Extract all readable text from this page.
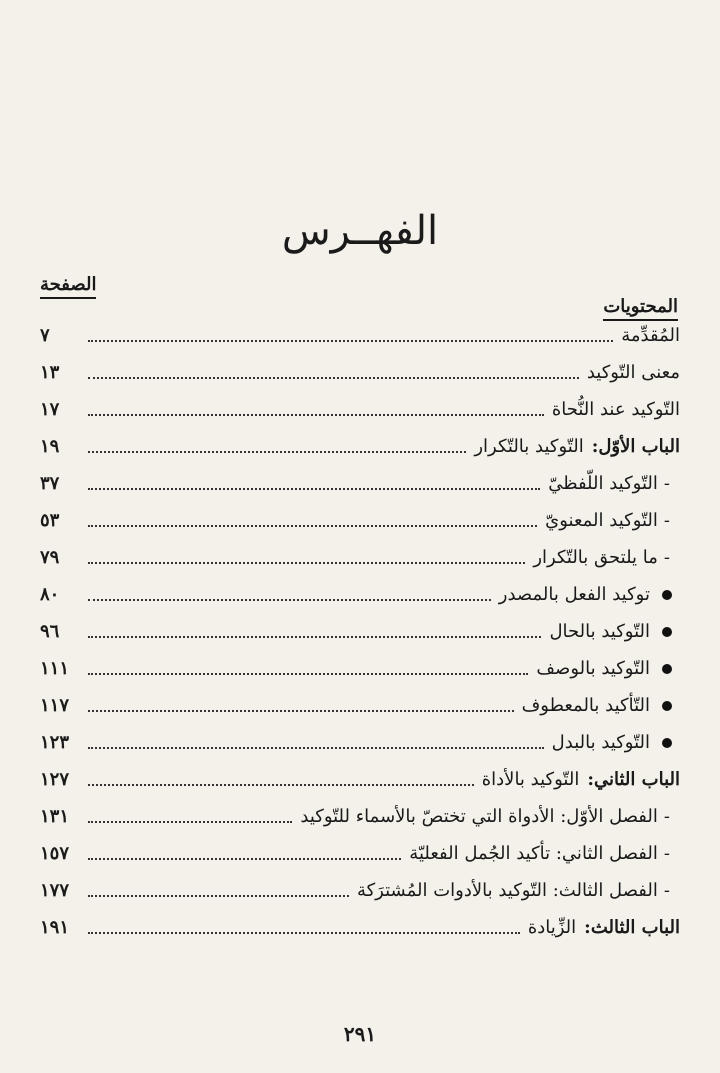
الفهــرس
الصفحة
المحتويات
المُقدِّمة
٧
معنى التّوكيد
١٣
التّوكيد عند النُّحاة
١٧
الباب الأوّل:
التّوكيد بالتّكرار
١٩
-
التّوكيد اللّفظيّ
٣٧
-
التّوكيد المعنويّ
٥٣
-
ما يلتحق بالتّكرار
٧٩
توكيد الفعل بالمصدر
٨٠
التّوكيد بالحال
٩٦
التّوكيد بالوصف
١١١
التّأكيد بالمعطوف
١١٧
التّوكيد بالبدل
١٢٣
الباب الثاني:
التّوكيد بالأداة
١٢٧
-
الفصل الأوّل: الأدواة التي تختصّ بالأسماء للتّوكيد
١٣١
-
الفصل الثاني: تأكيد الجُمل الفعليّة
١٥٧
-
الفصل الثالث: التّوكيد بالأدوات المُشترَكة
١٧٧
الباب الثالث:
الزِّيادة
١٩١
٢٩١
